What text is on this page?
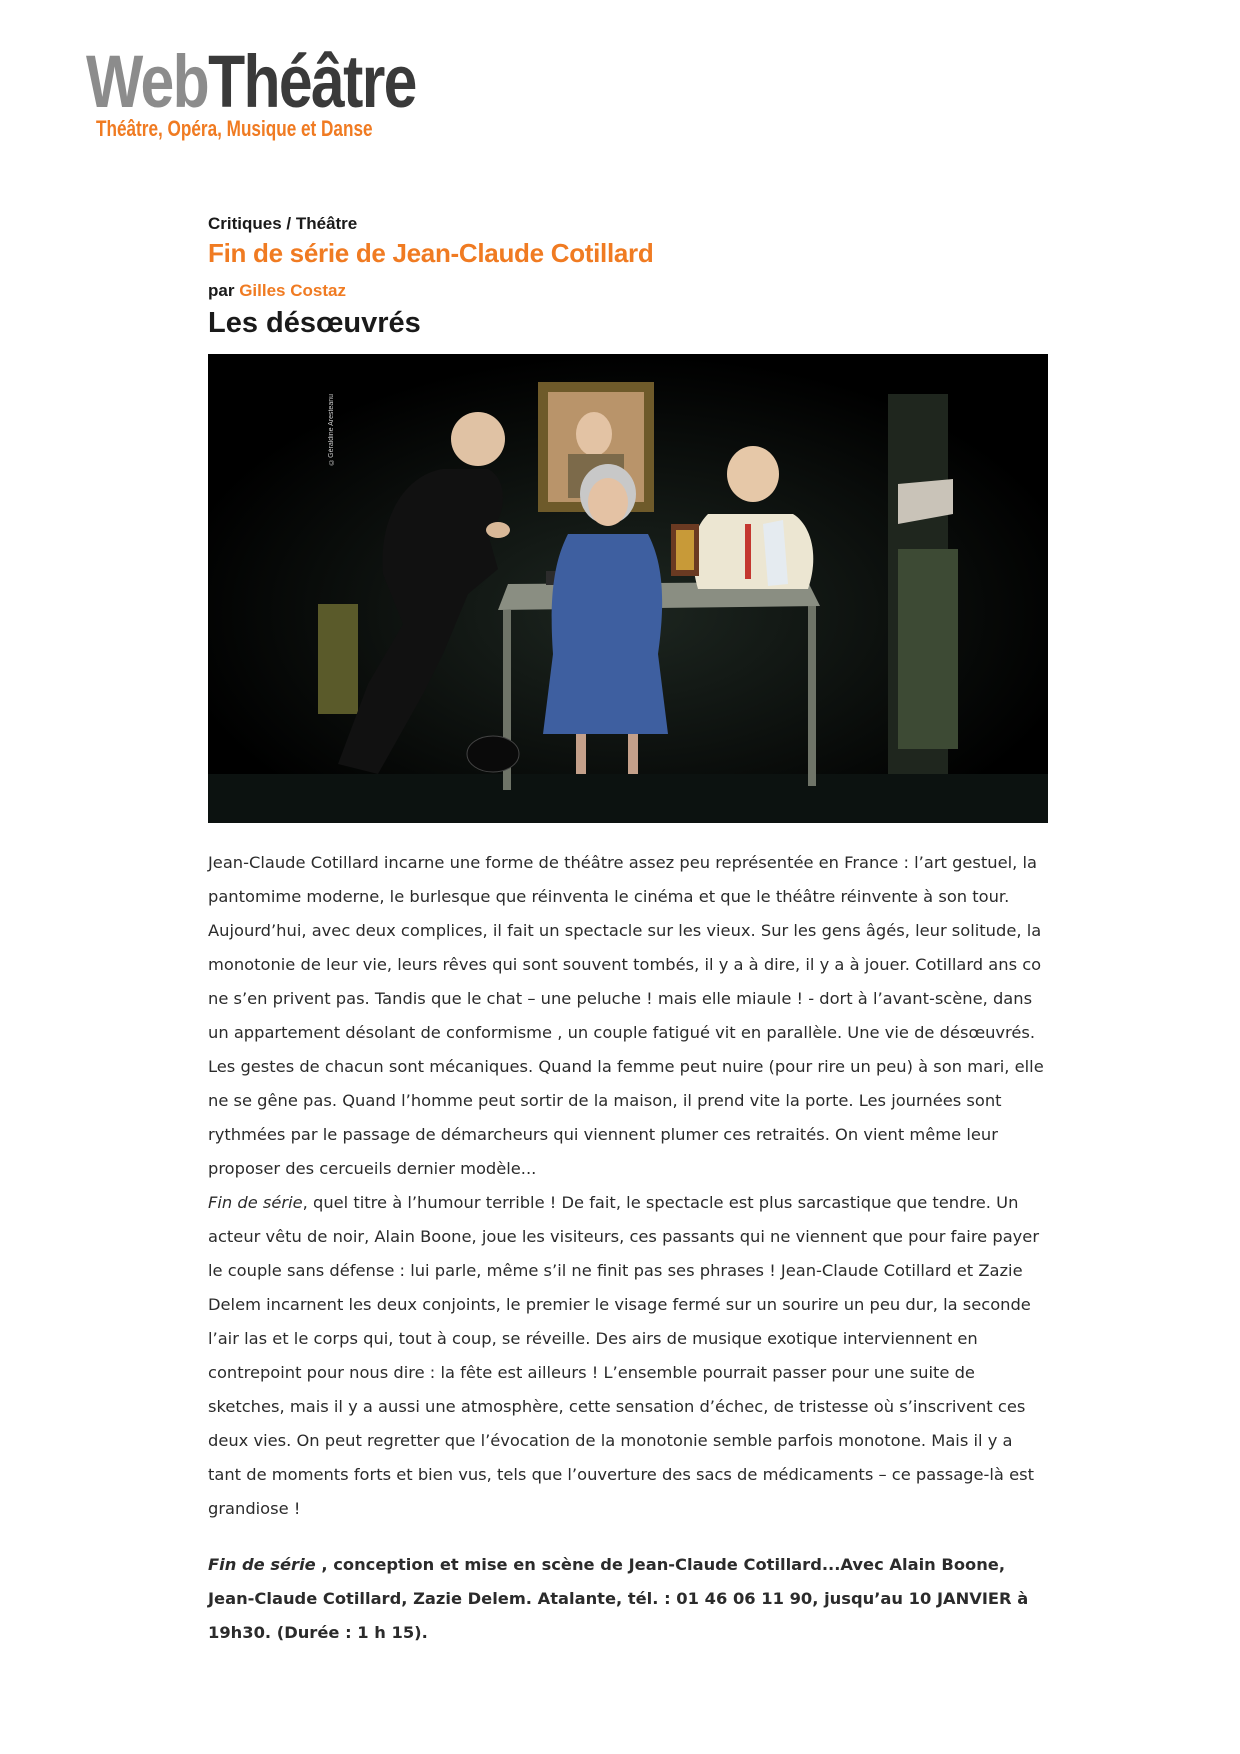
WebThéâtre
Théâtre, Opéra, Musique et Danse
Critiques / Théâtre
Fin de série de Jean-Claude Cotillard
par Gilles Costaz
Les désœuvrés
©Géraldine Aresteanu

Jean-Claude Cotillard incarne une forme de théâtre assez peu représentée en France : l’art gestuel, la pantomime moderne, le burlesque que réinventa le cinéma et que le théâtre réinvente à son tour. Aujourd’hui, avec deux complices, il fait un spectacle sur les vieux. Sur les gens âgés, leur solitude, la monotonie de leur vie, leurs rêves qui sont souvent tombés, il y a à dire, il y a à jouer. Cotillard ans co ne s’en privent pas. Tandis que le chat – une peluche ! mais elle miaule ! - dort à l’avant-scène, dans un appartement désolant de conformisme , un couple fatigué vit en parallèle. Une vie de désœuvrés. Les gestes de chacun sont mécaniques. Quand la femme peut nuire (pour rire un peu) à son mari, elle ne se gêne pas. Quand l’homme peut sortir de la maison, il prend vite la porte. Les journées sont rythmées par le passage de démarcheurs qui viennent plumer ces retraités. On vient même leur proposer des cercueils dernier modèle...

Fin de série, quel titre à l’humour terrible ! De fait, le spectacle est plus sarcastique que tendre. Un acteur vêtu de noir, Alain Boone, joue les visiteurs, ces passants qui ne viennent que pour faire payer le couple sans défense : lui parle, même s’il ne finit pas ses phrases ! Jean-Claude Cotillard et Zazie Delem incarnent les deux conjoints, le premier le visage fermé sur un sourire un peu dur, la seconde l’air las et le corps qui, tout à coup, se réveille. Des airs de musique exotique interviennent en contrepoint pour nous dire : la fête est ailleurs ! L’ensemble pourrait passer pour une suite de sketches, mais il y a aussi une atmosphère, cette sensation d’échec, de tristesse où s’inscrivent ces deux vies. On peut regretter que l’évocation de la monotonie semble parfois monotone. Mais il y a tant de moments forts et bien vus, tels que l’ouverture des sacs de médicaments – ce passage-là est grandiose !

Fin de série , conception et mise en scène de Jean-Claude Cotillard...Avec Alain Boone, Jean-Claude Cotillard, Zazie Delem. Atalante, tél. : 01 46 06 11 90, jusqu’au 10 JANVIER à 19h30. (Durée : 1 h 15).
